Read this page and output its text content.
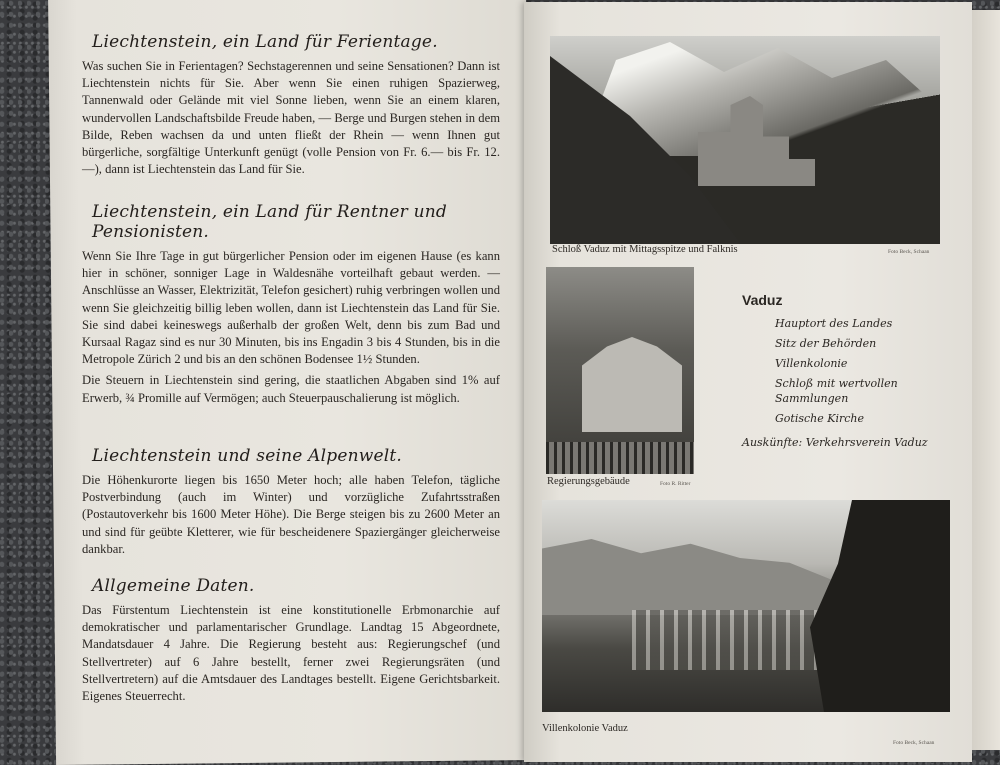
Liechtenstein, ein Land für Ferientage.

Was suchen Sie in Ferientagen? Sechstagerennen und seine Sensationen? Dann ist Liechtenstein nichts für Sie. Aber wenn Sie einen ruhigen Spazierweg, Tannenwald oder Gelände mit viel Sonne lieben, wenn Sie an einem klaren, wundervollen Landschaftsbilde Freude haben, — Berge und Burgen stehen in dem Bilde, Reben wachsen da und unten fließt der Rhein — wenn Ihnen gut bürgerliche, sorgfältige Unterkunft genügt (volle Pension von Fr. 6.— bis Fr. 12.—), dann ist Liechtenstein das Land für Sie.

Liechtenstein, ein Land für Rentner und Pensionisten.

Wenn Sie Ihre Tage in gut bürgerlicher Pension oder im eigenen Hause (es kann hier in schöner, sonniger Lage in Waldesnähe vorteilhaft gebaut werden. — Anschlüsse an Wasser, Elektrizität, Telefon gesichert) ruhig verbringen wollen und wenn Sie gleichzeitig billig leben wollen, dann ist Liechtenstein das Land für Sie. Sie sind dabei keineswegs außerhalb der großen Welt, denn bis zum Bad und Kursaal Ragaz sind es nur 30 Minuten, bis ins Engadin 3 bis 4 Stunden, bis in die Metropole Zürich 2 und bis an den schönen Bodensee 1½ Stunden.

Die Steuern in Liechtenstein sind gering, die staatlichen Abgaben sind 1% auf Erwerb, ¾ Promille auf Vermögen; auch Steuerpauschalierung ist möglich.

Liechtenstein und seine Alpenwelt.

Die Höhenkurorte liegen bis 1650 Meter hoch; alle haben Telefon, tägliche Postverbindung (auch im Winter) und vorzügliche Zufahrtsstraßen (Postautoverkehr bis 1600 Meter Höhe). Die Berge steigen bis zu 2600 Meter an und sind für geübte Kletterer, wie für bescheidenere Spaziergänger gleicherweise dankbar.

Allgemeine Daten.

Das Fürstentum Liechtenstein ist eine konstitutionelle Erbmonarchie auf demokratischer und parlamentarischer Grundlage. Landtag 15 Abgeordnete, Mandatsdauer 4 Jahre. Die Regierung besteht aus: Regierungschef (und Stellvertreter) auf 6 Jahre bestellt, ferner zwei Regierungsräten (und Stellvertretern) auf die Amtsdauer des Landtages bestellt. Eigene Gerichtsbarkeit. Eigenes Steuerrecht.

Schloß Vaduz mit Mittagsspitze und Falknis	Foto Beck, Schaan
Regierungsgebäude	Foto R. Ritter
Vaduz
Hauptort des Landes
Sitz der Behörden
Villenkolonie
Schloß mit wertvollen Sammlungen
Gotische Kirche
Auskünfte: Verkehrsverein Vaduz
Villenkolonie Vaduz
Foto Beck, Schaan
